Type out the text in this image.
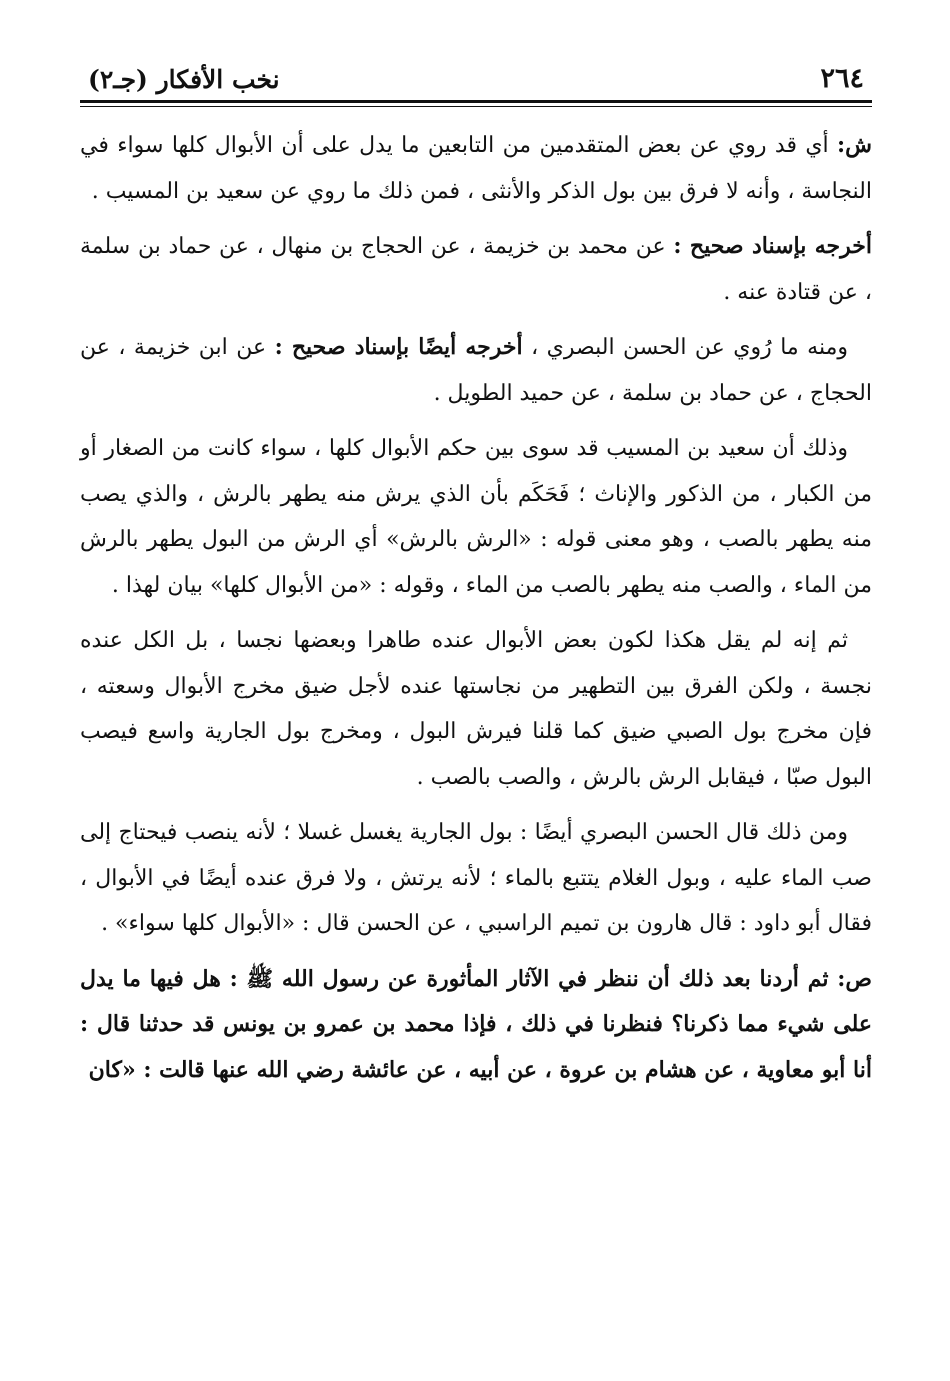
نخب الأفكار (جـ٢)	٢٦٤

ش: أي قد روي عن بعض المتقدمين من التابعين ما يدل على أن الأبوال كلها سواء في النجاسة ، وأنه لا فرق بين بول الذكر والأنثى ، فمن ذلك ما روي عن سعيد بن المسيب .

أخرجه بإسناد صحيح : عن محمد بن خزيمة ، عن الحجاج بن منهال ، عن حماد بن سلمة ، عن قتادة عنه .

ومنه ما رُوي عن الحسن البصري ، أخرجه أيضًا بإسناد صحيح : عن ابن خزيمة ، عن الحجاج ، عن حماد بن سلمة ، عن حميد الطويل .

وذلك أن سعيد بن المسيب قد سوى بين حكم الأبوال كلها ، سواء كانت من الصغار أو من الكبار ، من الذكور والإناث ؛ فَحَكَم بأن الذي يرش منه يطهر بالرش ، والذي يصب منه يطهر بالصب ، وهو معنى قوله : «الرش بالرش» أي الرش من البول يطهر بالرش من الماء ، والصب منه يطهر بالصب من الماء ، وقوله : «من الأبوال كلها» بيان لهذا .

ثم إنه لم يقل هكذا لكون بعض الأبوال عنده طاهرا وبعضها نجسا ، بل الكل عنده نجسة ، ولكن الفرق بين التطهير من نجاستها عنده لأجل ضيق مخرج الأبوال وسعته ، فإن مخرج بول الصبي ضيق كما قلنا فيرش البول ، ومخرج بول الجارية واسع فيصب البول صبّا ، فيقابل الرش بالرش ، والصب بالصب .

ومن ذلك قال الحسن البصري أيضًا : بول الجارية يغسل غسلا ؛ لأنه ينصب فيحتاج إلى صب الماء عليه ، وبول الغلام يتتبع بالماء ؛ لأنه يرتش ، ولا فرق عنده أيضًا في الأبوال ، فقال أبو داود : قال هارون بن تميم الراسبي ، عن الحسن قال : «الأبوال كلها سواء» .

ص: ثم أردنا بعد ذلك أن ننظر في الآثار المأثورة عن رسول الله ﷺ : هل فيها ما يدل على شيء مما ذكرنا؟ فنظرنا في ذلك ، فإذا محمد بن عمرو بن يونس قد حدثنا قال : أنا أبو معاوية ، عن هشام بن عروة ، عن أبيه ، عن عائشة رضي الله عنها قالت : «كان
